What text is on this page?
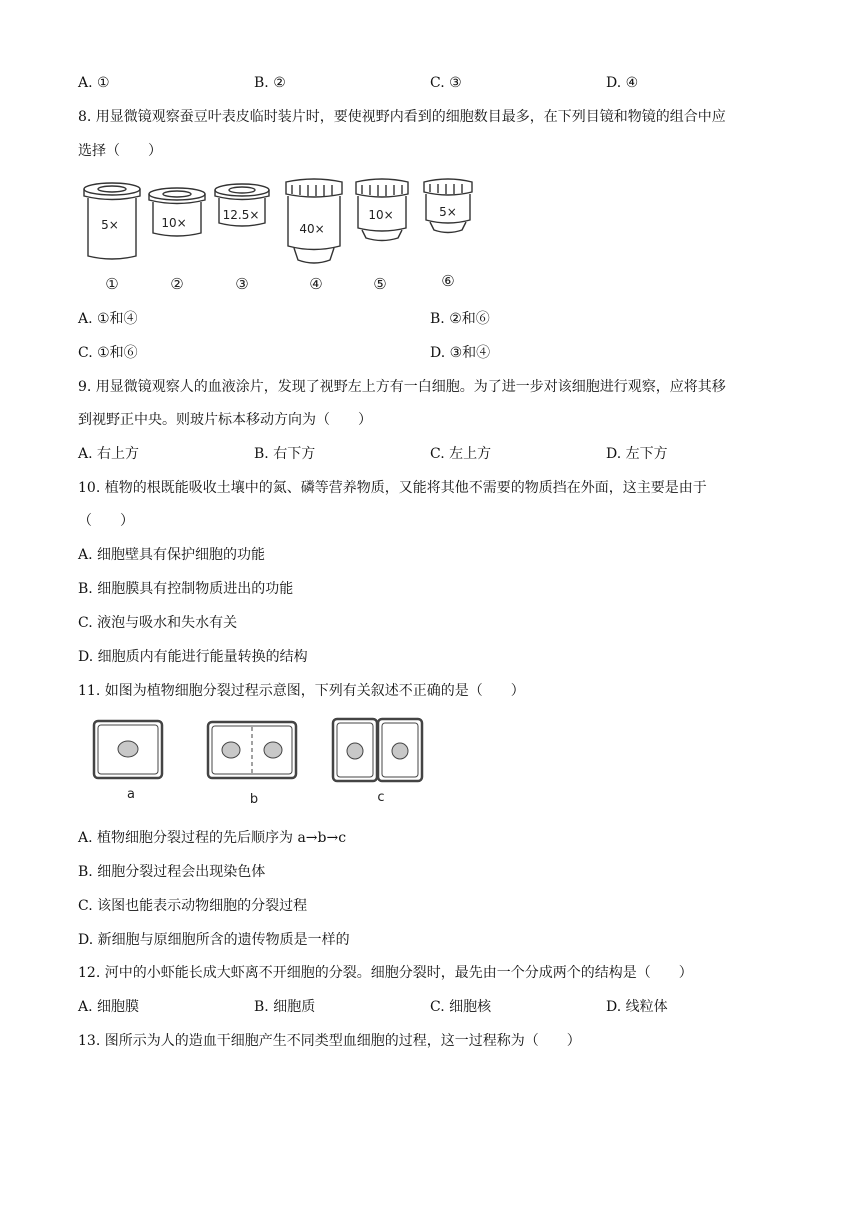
A. ①	B. ②	C. ③	D. ④
8. 用显微镜观察蚕豆叶表皮临时装片时，要使视野内看到的细胞数目最多，在下列目镜和物镜的组合中应
选择（　　）
5×	10×
12.5×
40×
10×	5×
①	②	③	④	⑤	⑥
A. ①和④	B. ②和⑥
C. ①和⑥	D. ③和④
9. 用显微镜观察人的血液涂片，发现了视野左上方有一白细胞。为了进一步对该细胞进行观察，应将其移
到视野正中央。则玻片标本移动方向为（　　）
A. 右上方	B. 右下方	C. 左上方	D. 左下方
10. 植物的根既能吸收土壤中的氮、磷等营养物质，又能将其他不需要的物质挡在外面，这主要是由于
（　　）
A. 细胞壁具有保护细胞的功能
B. 细胞膜具有控制物质进出的功能
C. 液泡与吸水和失水有关
D. 细胞质内有能进行能量转换的结构
11. 如图为植物细胞分裂过程示意图，下列有关叙述不正确的是（　　）
a	b	c
A. 植物细胞分裂过程的先后顺序为 a→b→c
B. 细胞分裂过程会出现染色体
C. 该图也能表示动物细胞的分裂过程
D. 新细胞与原细胞所含的遗传物质是一样的
12. 河中的小虾能长成大虾离不开细胞的分裂。细胞分裂时，最先由一个分成两个的结构是（　　）
A. 细胞膜	B. 细胞质	C. 细胞核	D. 线粒体
13. 图所示为人的造血干细胞产生不同类型血细胞的过程，这一过程称为（　　）
